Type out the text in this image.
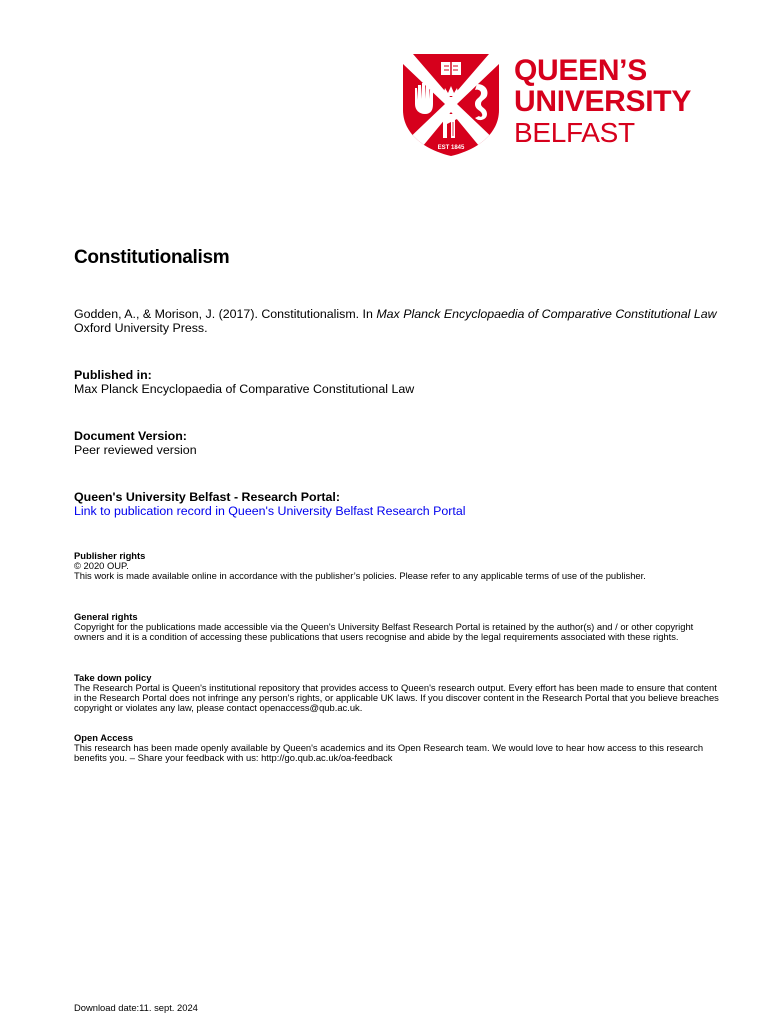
EST 1845
QUEEN’S
UNIVERSITY
BELFAST
Constitutionalism
Godden, A., & Morison, J. (2017). Constitutionalism. In Max Planck Encyclopaedia of Comparative Constitutional Law Oxford University Press.
Published in:
Max Planck Encyclopaedia of Comparative Constitutional Law
Document Version:
Peer reviewed version
Queen's University Belfast - Research Portal:
Link to publication record in Queen's University Belfast Research Portal
Publisher rights
© 2020 OUP.
This work is made available online in accordance with the publisher’s policies. Please refer to any applicable terms of use of the publisher.
General rights
Copyright for the publications made accessible via the Queen's University Belfast Research Portal is retained by the author(s) and / or other copyright owners and it is a condition of accessing these publications that users recognise and abide by the legal requirements associated with these rights.
Take down policy
The Research Portal is Queen's institutional repository that provides access to Queen's research output. Every effort has been made to ensure that content in the Research Portal does not infringe any person's rights, or applicable UK laws. If you discover content in the Research Portal that you believe breaches copyright or violates any law, please contact openaccess@qub.ac.uk.
Open Access
This research has been made openly available by Queen's academics and its Open Research team. We would love to hear how access to this research benefits you. – Share your feedback with us: http://go.qub.ac.uk/oa-feedback
Download date:11. sept. 2024
